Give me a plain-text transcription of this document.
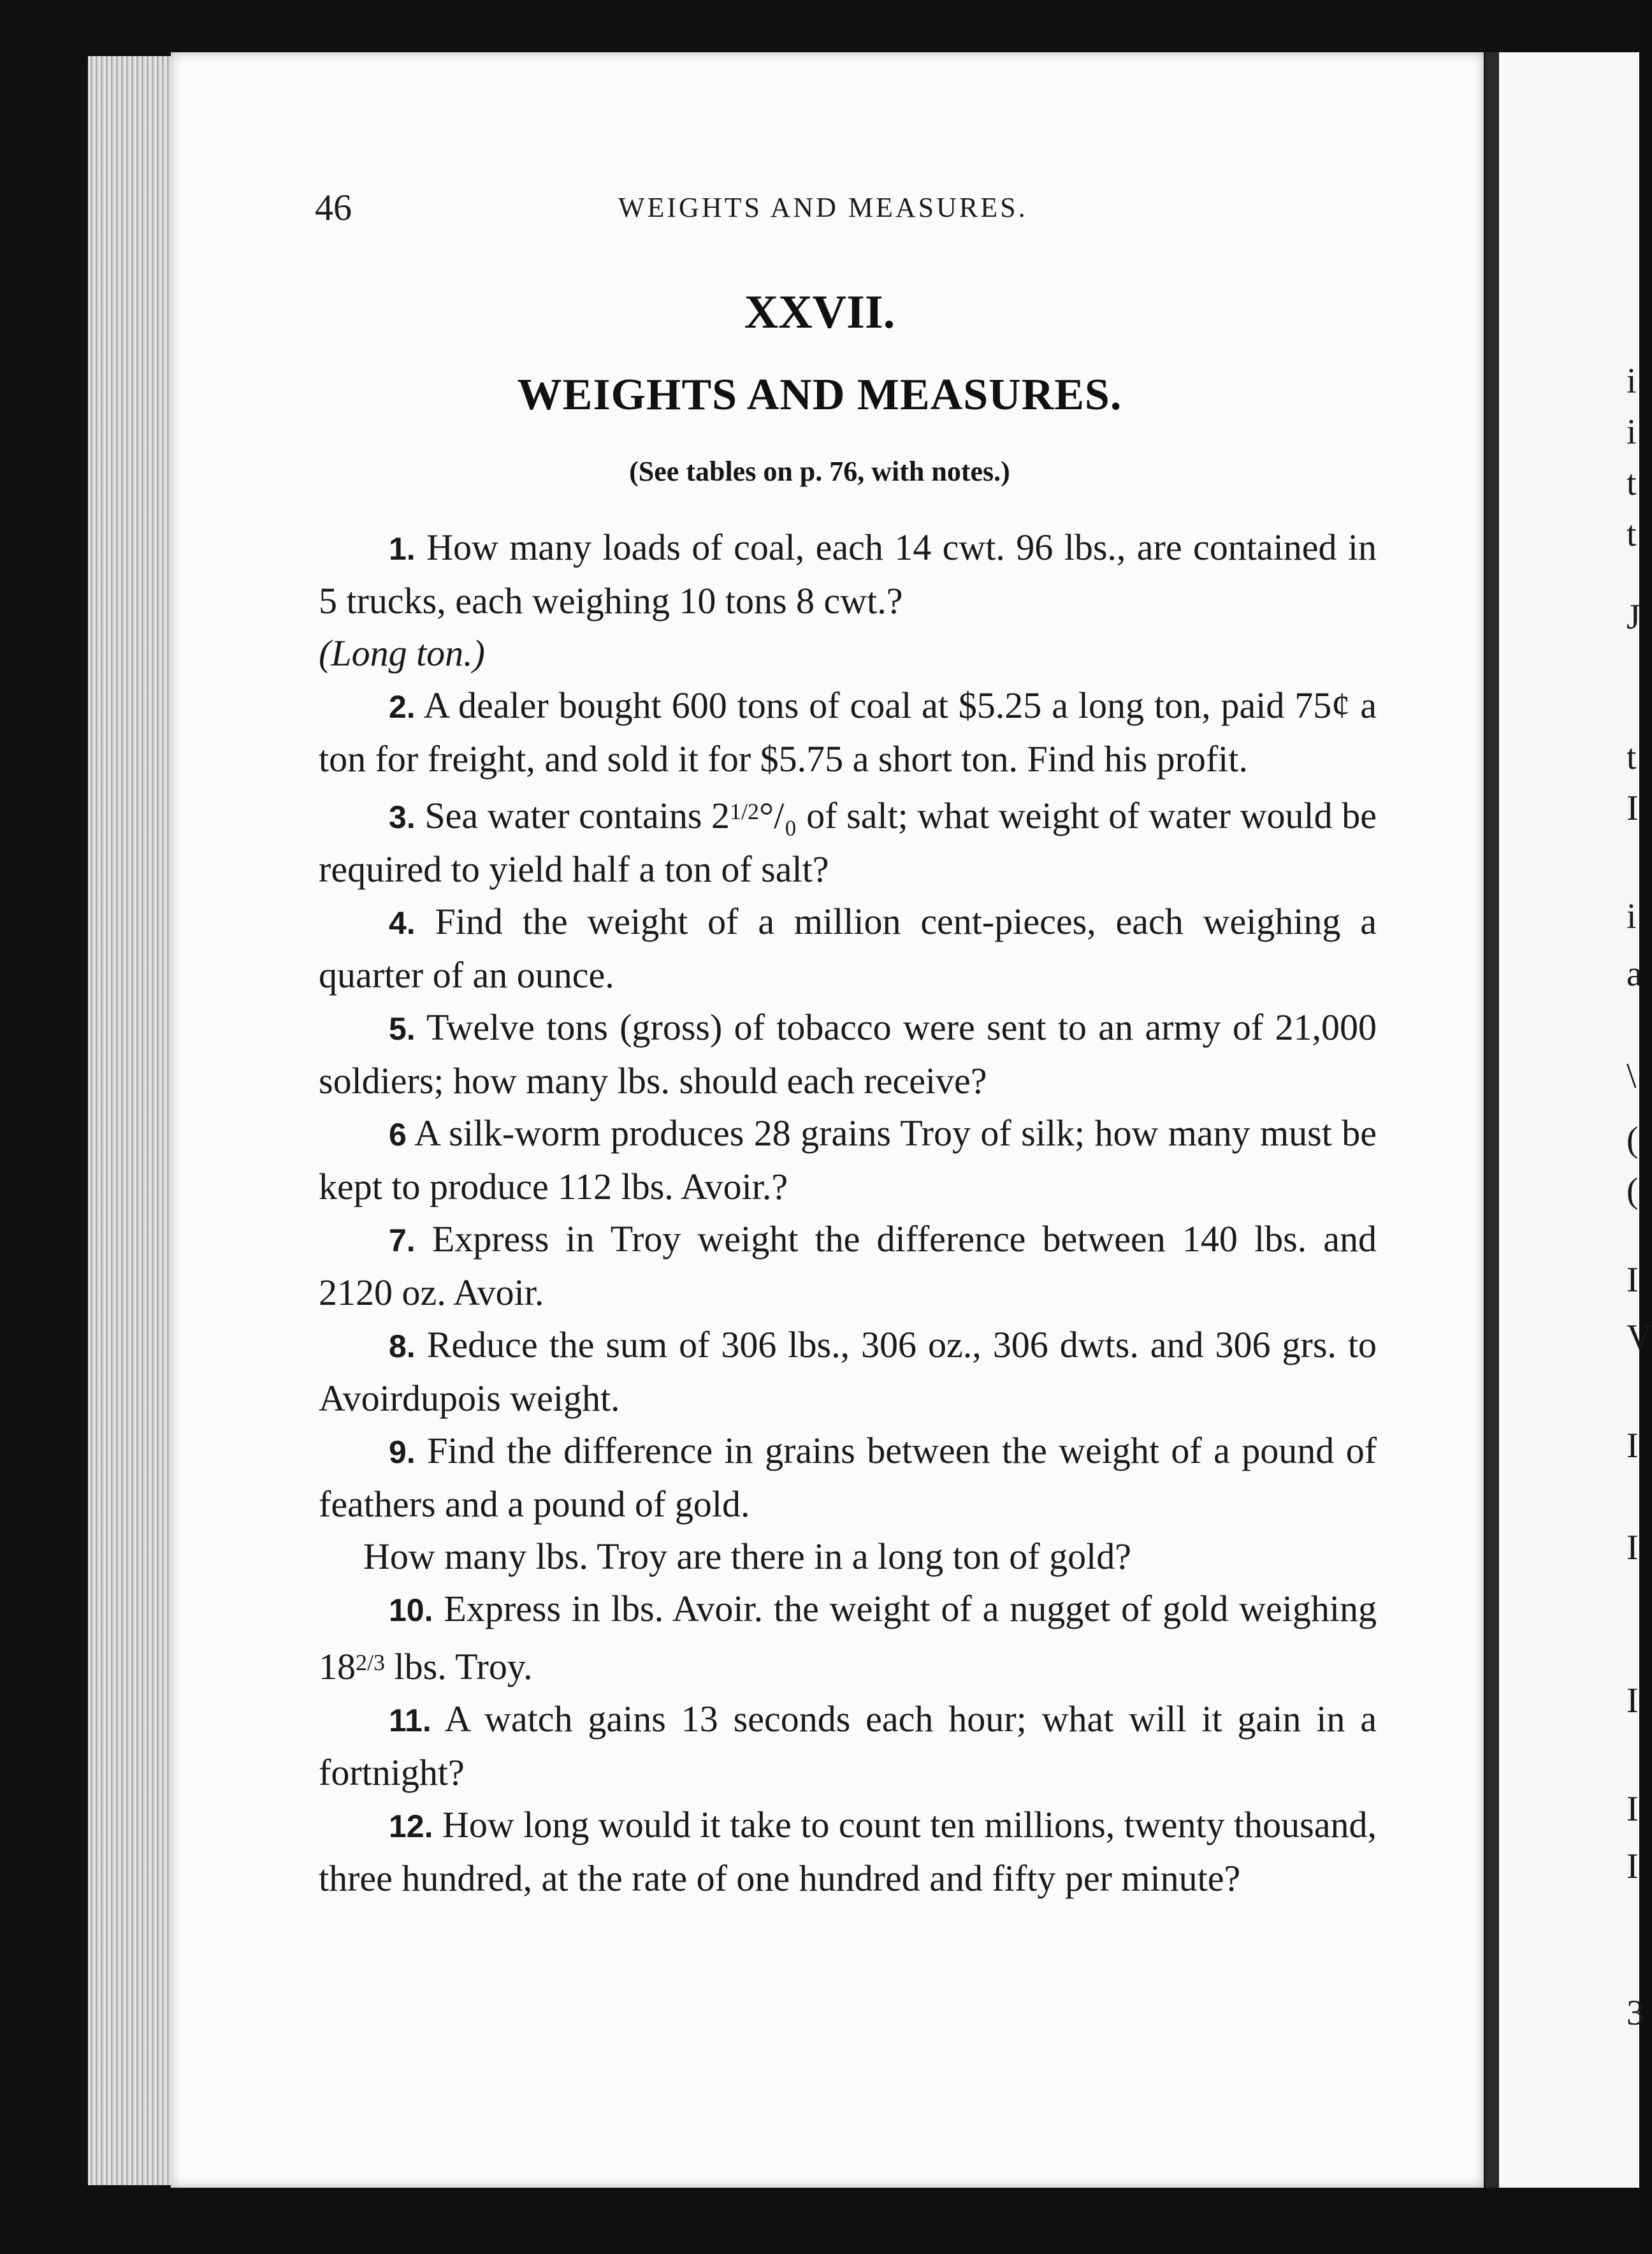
i
i
t
t
J
t
I
i
a
\
(
(
I
V
I
I
I
I
I
3
46	WEIGHTS AND MEASURES.
XXVII.
WEIGHTS AND MEASURES.
(See tables on p. 76, with notes.)

1. How many loads of coal, each 14 cwt. 96 lbs., are contained in 5 trucks, each weighing 10 tons 8 cwt.?
(Long ton.)

2. A dealer bought 600 tons of coal at $5.25 a long ton, paid 75¢ a ton for freight, and sold it for $5.75 a short ton. Find his profit.

3. Sea water contains $2^{1/2}^\circ/_0$ of salt; what weight of water would be required to yield half a ton of salt?

4. Find the weight of a million cent-pieces, each weighing a quarter of an ounce.

5. Twelve tons (gross) of tobacco were sent to an army of 21,000 soldiers; how many lbs. should each receive?

6 A silk-worm produces 28 grains Troy of silk; how many must be kept to produce 112 lbs. Avoir.?

7. Express in Troy weight the difference between 140 lbs. and 2120 oz. Avoir.

8. Reduce the sum of 306 lbs., 306 oz., 306 dwts. and 306 grs. to Avoirdupois weight.

9. Find the difference in grains between the weight of a pound of feathers and a pound of gold.

How many lbs. Troy are there in a long ton of gold?

10. Express in lbs. Avoir. the weight of a nugget of gold weighing $18^{2/3}$ lbs. Troy.

11. A watch gains 13 seconds each hour; what will it gain in a fortnight?

12. How long would it take to count ten millions, twenty thousand, three hundred, at the rate of one hundred and fifty per minute?
